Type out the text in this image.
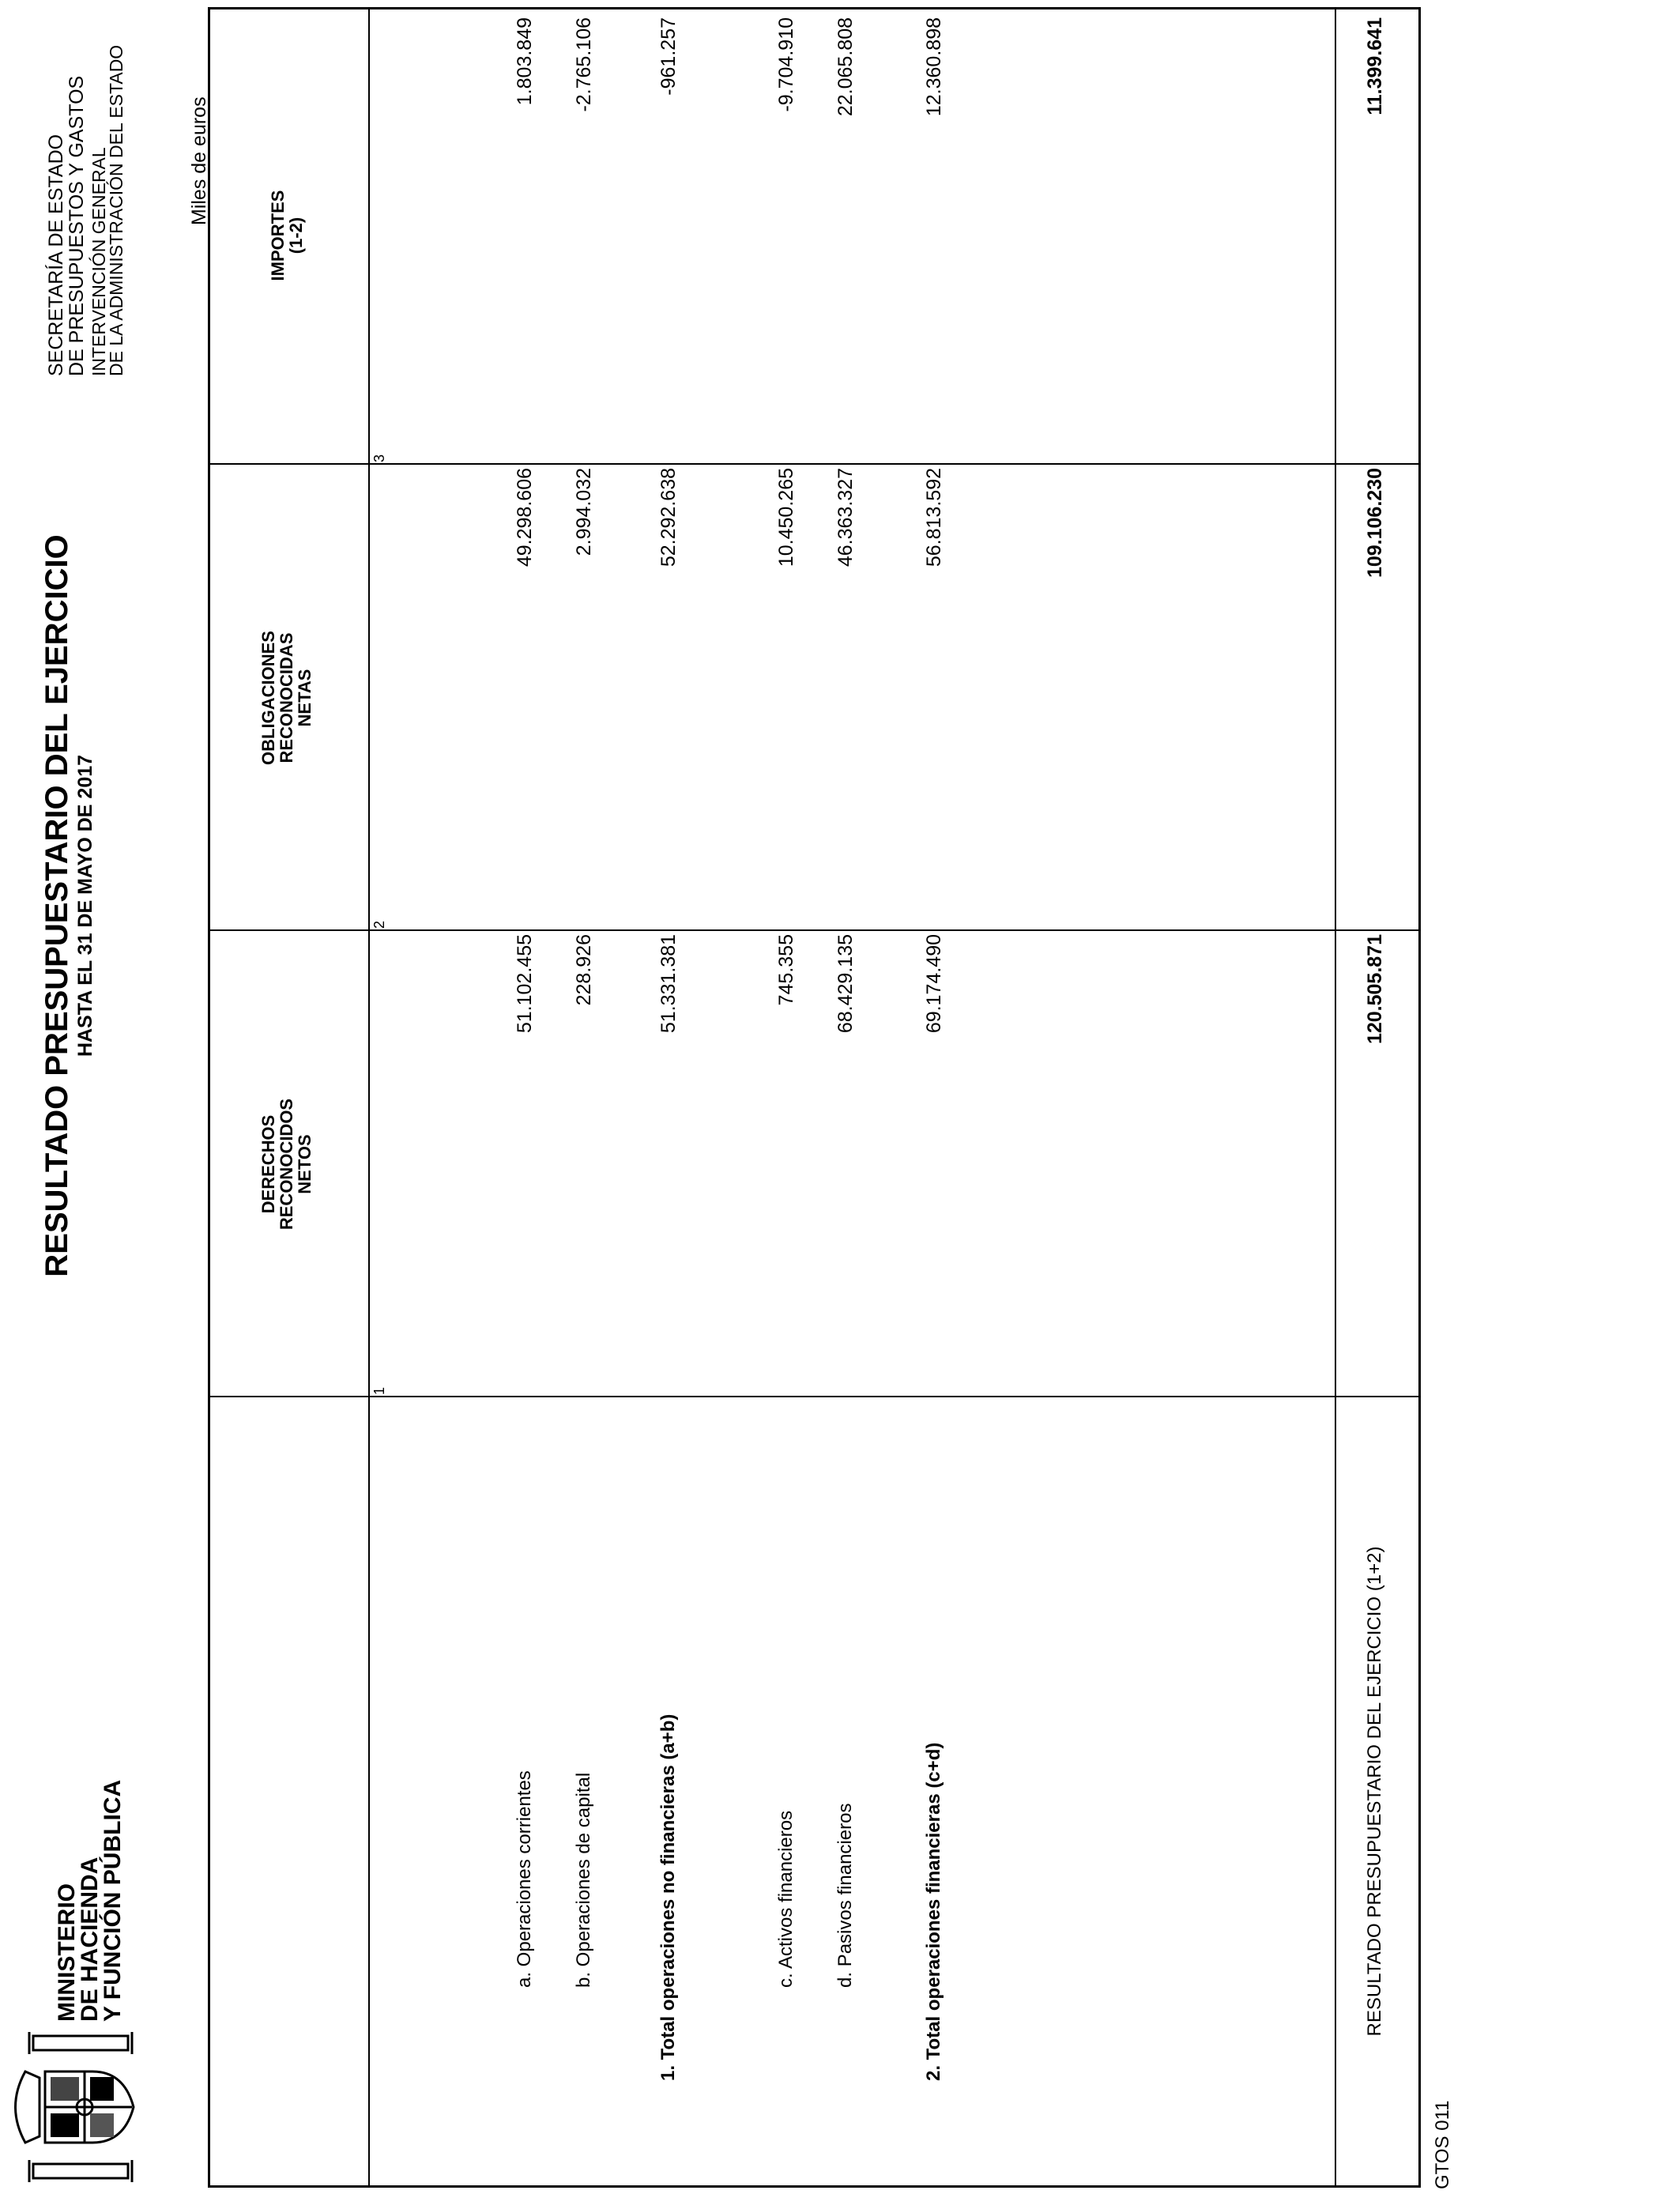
MINISTERIO
DE HACIENDA
Y FUNCIÓN PÚBLICA
RESULTADO PRESUPUESTARIO DEL EJERCICIO HASTA EL 31 DE MAYO DE 2017
SECRETARÍA DE ESTADO
DE PRESUPUESTOS Y GASTOS INTERVENCIÓN GENERAL
DE LA ADMINISTRACIÓN DEL ESTADO	Miles de euros
DERECHOS
RECONOCIDOS
NETOS
OBLIGACIONES
RECONOCIDAS
NETAS
IMPORTES
(1-2)
1
2
3
a. Operaciones corrientes
51.102.455
49.298.606
1.803.849
b. Operaciones de capital
228.926
2.994.032
-2.765.106
1. Total operaciones no financieras (a+b)
51.331.381
52.292.638
-961.257
c. Activos financieros
745.355
10.450.265
-9.704.910
d. Pasivos financieros
68.429.135
46.363.327
22.065.808
2. Total operaciones financieras (c+d)
69.174.490
56.813.592
12.360.898
RESULTADO PRESUPUESTARIO DEL EJERCICIO (1+2)
120.505.871
109.106.230
11.399.641
GTOS 011
